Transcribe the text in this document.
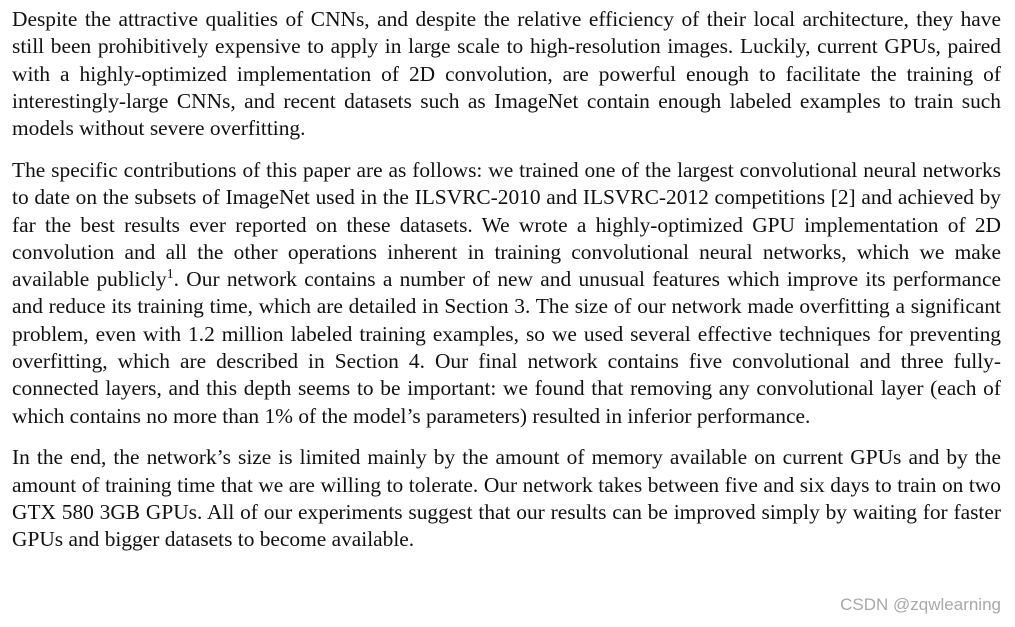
Despite the attractive qualities of CNNs, and despite the relative efficiency of their local architecture, they have still been prohibitively expensive to apply in large scale to high-resolution images. Luckily, current GPUs, paired with a highly-optimized implementation of 2D convolution, are powerful enough to facilitate the training of interestingly-large CNNs, and recent datasets such as ImageNet contain enough labeled examples to train such models without severe overfitting.

The specific contributions of this paper are as follows: we trained one of the largest convolutional neural networks to date on the subsets of ImageNet used in the ILSVRC-2010 and ILSVRC-2012 competitions [2] and achieved by far the best results ever reported on these datasets. We wrote a highly-optimized GPU implementation of 2D convolution and all the other operations inherent in training convolutional neural networks, which we make available publicly$^1$. Our network contains a number of new and unusual features which improve its performance and reduce its training time, which are detailed in Section 3. The size of our network made overfitting a significant problem, even with 1.2 million labeled training examples, so we used several effective techniques for preventing overfitting, which are described in Section 4. Our final network contains five convolutional and three fully-connected layers, and this depth seems to be important: we found that removing any convolutional layer (each of which contains no more than 1% of the model’s parameters) resulted in inferior performance.

In the end, the network’s size is limited mainly by the amount of memory available on current GPUs and by the amount of training time that we are willing to tolerate. Our network takes between five and six days to train on two GTX 580 3GB GPUs. All of our experiments suggest that our results can be improved simply by waiting for faster GPUs and bigger datasets to become available.

CSDN @zqwlearning
